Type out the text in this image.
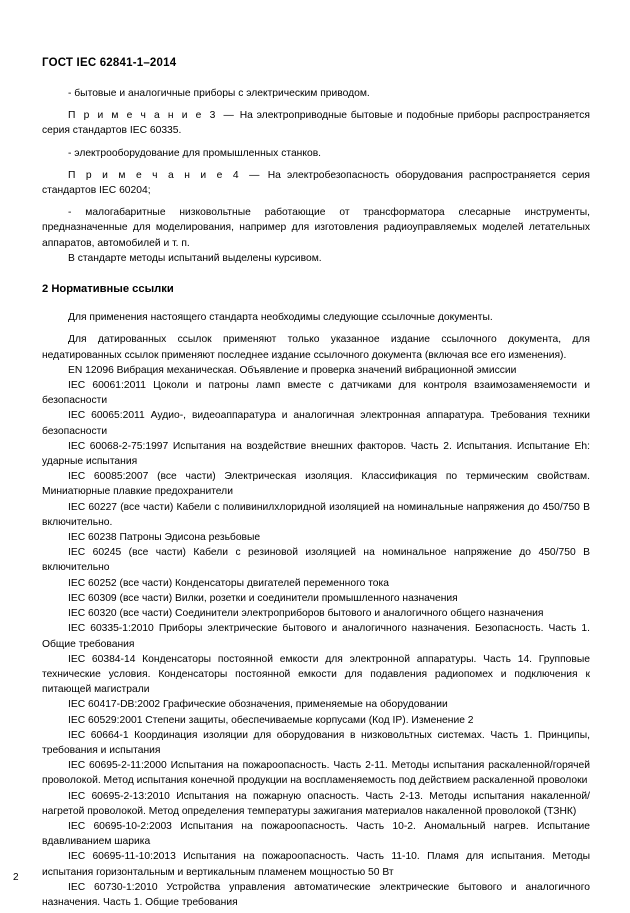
ГОСТ IEC 62841-1–2014

- бытовые и аналогичные приборы с электрическим приводом.

П р и м е ч а н и е 3 — На электроприводные бытовые и подобные приборы распространяется серия стандартов IEC 60335.

- электрооборудование для промышленных станков.

П р и м е ч а н и е 4 — На электробезопасность оборудования распространяется серия стандартов IEC 60204;

- малогабаритные низковольтные работающие от трансформатора слесарные инструменты, предназначенные для моделирования, например для изготовления радиоуправляемых моделей летательных аппаратов, автомобилей и т. п.

В стандарте методы испытаний выделены курсивом.

2 Нормативные ссылки

Для применения настоящего стандарта необходимы следующие ссылочные документы.

Для датированных ссылок применяют только указанное издание ссылочного документа, для недатированных ссылок применяют последнее издание ссылочного документа (включая все его изменения).

EN 12096 Вибрация механическая. Объявление и проверка значений вибрационной эмиссии

IEC 60061:2011 Цоколи и патроны ламп вместе с датчиками для контроля взаимозаменяемости и безопасности

IEC 60065:2011 Аудио-, видеоаппаратура и аналогичная электронная аппаратура. Требования техники безопасности

IEC 60068-2-75:1997 Испытания на воздействие внешних факторов. Часть 2. Испытания. Испытание Eh: ударные испытания

IEC 60085:2007 (все части) Электрическая изоляция. Классификация по термическим свойствам. Миниатюрные плавкие предохранители

IEC 60227 (все части) Кабели с поливинилхлоридной изоляцией на номинальные напряжения до 450/750 В включительно.

IEC 60238 Патроны Эдисона резьбовые

IEC 60245 (все части) Кабели с резиновой изоляцией на номинальное напряжение до 450/750 В включительно

IEC 60252 (все части) Конденсаторы двигателей переменного тока

IEC 60309 (все части) Вилки, розетки и соединители промышленного назначения

IEC 60320 (все части) Соединители электроприборов бытового и аналогичного общего назначения

IEC 60335-1:2010 Приборы электрические бытового и аналогичного назначения. Безопасность. Часть 1. Общие требования

IEC 60384-14 Конденсаторы постоянной емкости для электронной аппаратуры. Часть 14. Групповые технические условия. Конденсаторы постоянной емкости для подавления радиопомех и подключения к питающей магистрали

IEC 60417-DB:2002 Графические обозначения, применяемые на оборудовании

IEC 60529:2001 Степени защиты, обеспечиваемые корпусами (Код IP). Изменение 2

IEC 60664-1 Координация изоляции для оборудования в низковольтных системах. Часть 1. Принципы, требования и испытания

IEC 60695-2-11:2000 Испытания на пожароопасность. Часть 2-11. Методы испытания раскаленной/горячей проволокой. Метод испытания конечной продукции на воспламеняемость под действием раскаленной проволоки

IEC 60695-2-13:2010 Испытания на пожарную опасность. Часть 2-13. Методы испытания накаленной/нагретой проволокой. Метод определения температуры зажигания материалов накаленной проволокой (ТЗНК)

IEC 60695-10-2:2003 Испытания на пожароопасность. Часть 10-2. Аномальный нагрев. Испытание вдавливанием шарика

IEC 60695-11-10:2013 Испытания на пожароопасность. Часть 11-10. Пламя для испытания. Методы испытания горизонтальным и вертикальным пламенем мощностью 50 Вт

IEC 60730-1:2010 Устройства управления автоматические электрические бытового и аналогичного назначения. Часть 1. Общие требования

2
